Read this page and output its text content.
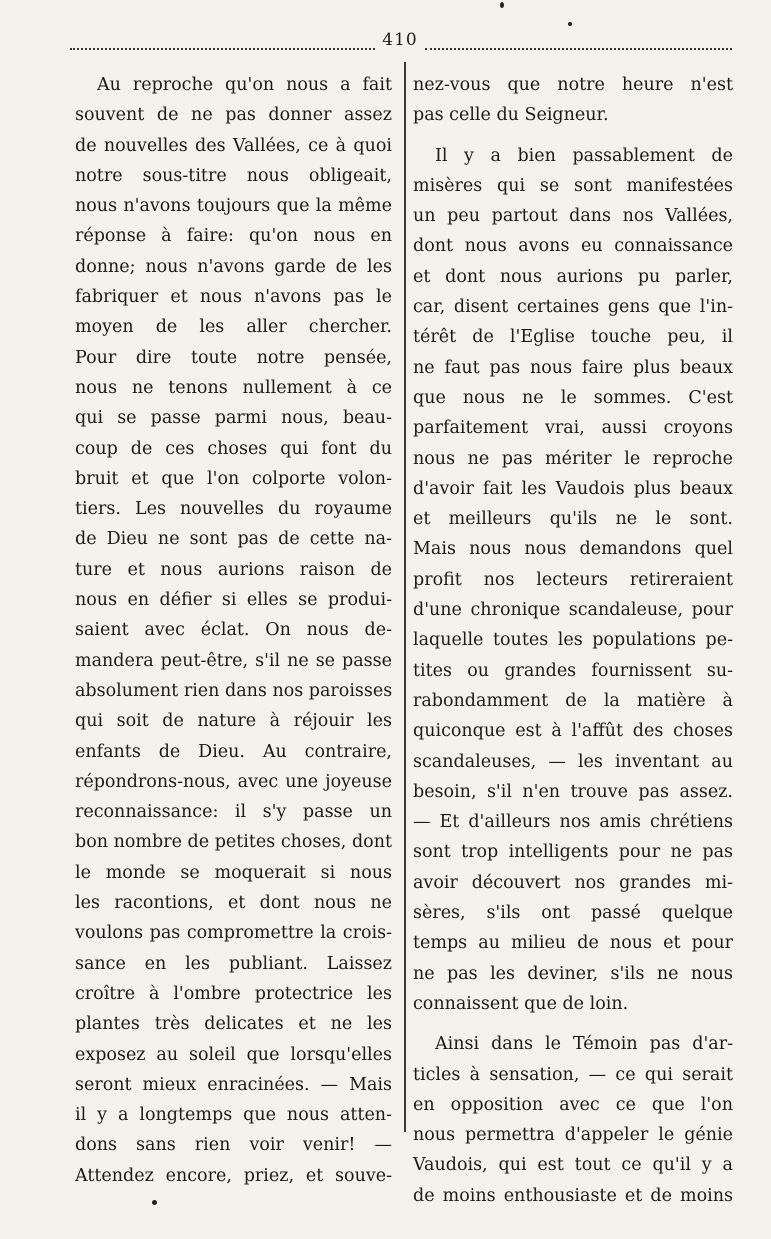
410
Au reproche qu'on nous a fait
souvent de ne pas donner assez
de nouvelles des Vallées, ce à quoi
notre sous-titre nous obligeait,
nous n'avons toujours que la même
réponse à faire: qu'on nous en
donne; nous n'avons garde de les
fabriquer et nous n'avons pas le
moyen de les aller chercher.
Pour dire toute notre pensée,
nous ne tenons nullement à ce
qui se passe parmi nous, beau-
coup de ces choses qui font du
bruit et que l'on colporte volon-
tiers. Les nouvelles du royaume
de Dieu ne sont pas de cette na-
ture et nous aurions raison de
nous en défier si elles se produi-
saient avec éclat. On nous de-
mandera peut-être, s'il ne se passe
absolument rien dans nos paroisses
qui soit de nature à réjouir les
enfants de Dieu. Au contraire,
répondrons-nous, avec une joyeuse
reconnaissance: il s'y passe un
bon nombre de petites choses, dont
le monde se moquerait si nous
les racontions, et dont nous ne
voulons pas compromettre la crois-
sance en les publiant. Laissez
croître à l'ombre protectrice les
plantes très delicates et ne les
exposez au soleil que lorsqu'elles
seront mieux enracinées. — Mais
il y a longtemps que nous atten-
dons sans rien voir venir! —
Attendez encore, priez, et souve-
nez-vous que notre heure n'est
pas celle du Seigneur.
Il y a bien passablement de
misères qui se sont manifestées
un peu partout dans nos Vallées,
dont nous avons eu connaissance
et dont nous aurions pu parler,
car, disent certaines gens que l'in-
térêt de l'Eglise touche peu, il
ne faut pas nous faire plus beaux
que nous ne le sommes. C'est
parfaitement vrai, aussi croyons
nous ne pas mériter le reproche
d'avoir fait les Vaudois plus beaux
et meilleurs qu'ils ne le sont.
Mais nous nous demandons quel
profit nos lecteurs retireraient
d'une chronique scandaleuse, pour
laquelle toutes les populations pe-
tites ou grandes fournissent su-
rabondamment de la matière à
quiconque est à l'affût des choses
scandaleuses, — les inventant au
besoin, s'il n'en trouve pas assez.
— Et d'ailleurs nos amis chrétiens
sont trop intelligents pour ne pas
avoir découvert nos grandes mi-
sères, s'ils ont passé quelque
temps au milieu de nous et pour
ne pas les deviner, s'ils ne nous
connaissent que de loin.
Ainsi dans le Témoin pas d'ar-
ticles à sensation, — ce qui serait
en opposition avec ce que l'on
nous permettra d'appeler le génie
Vaudois, qui est tout ce qu'il y a
de moins enthousiaste et de moins
